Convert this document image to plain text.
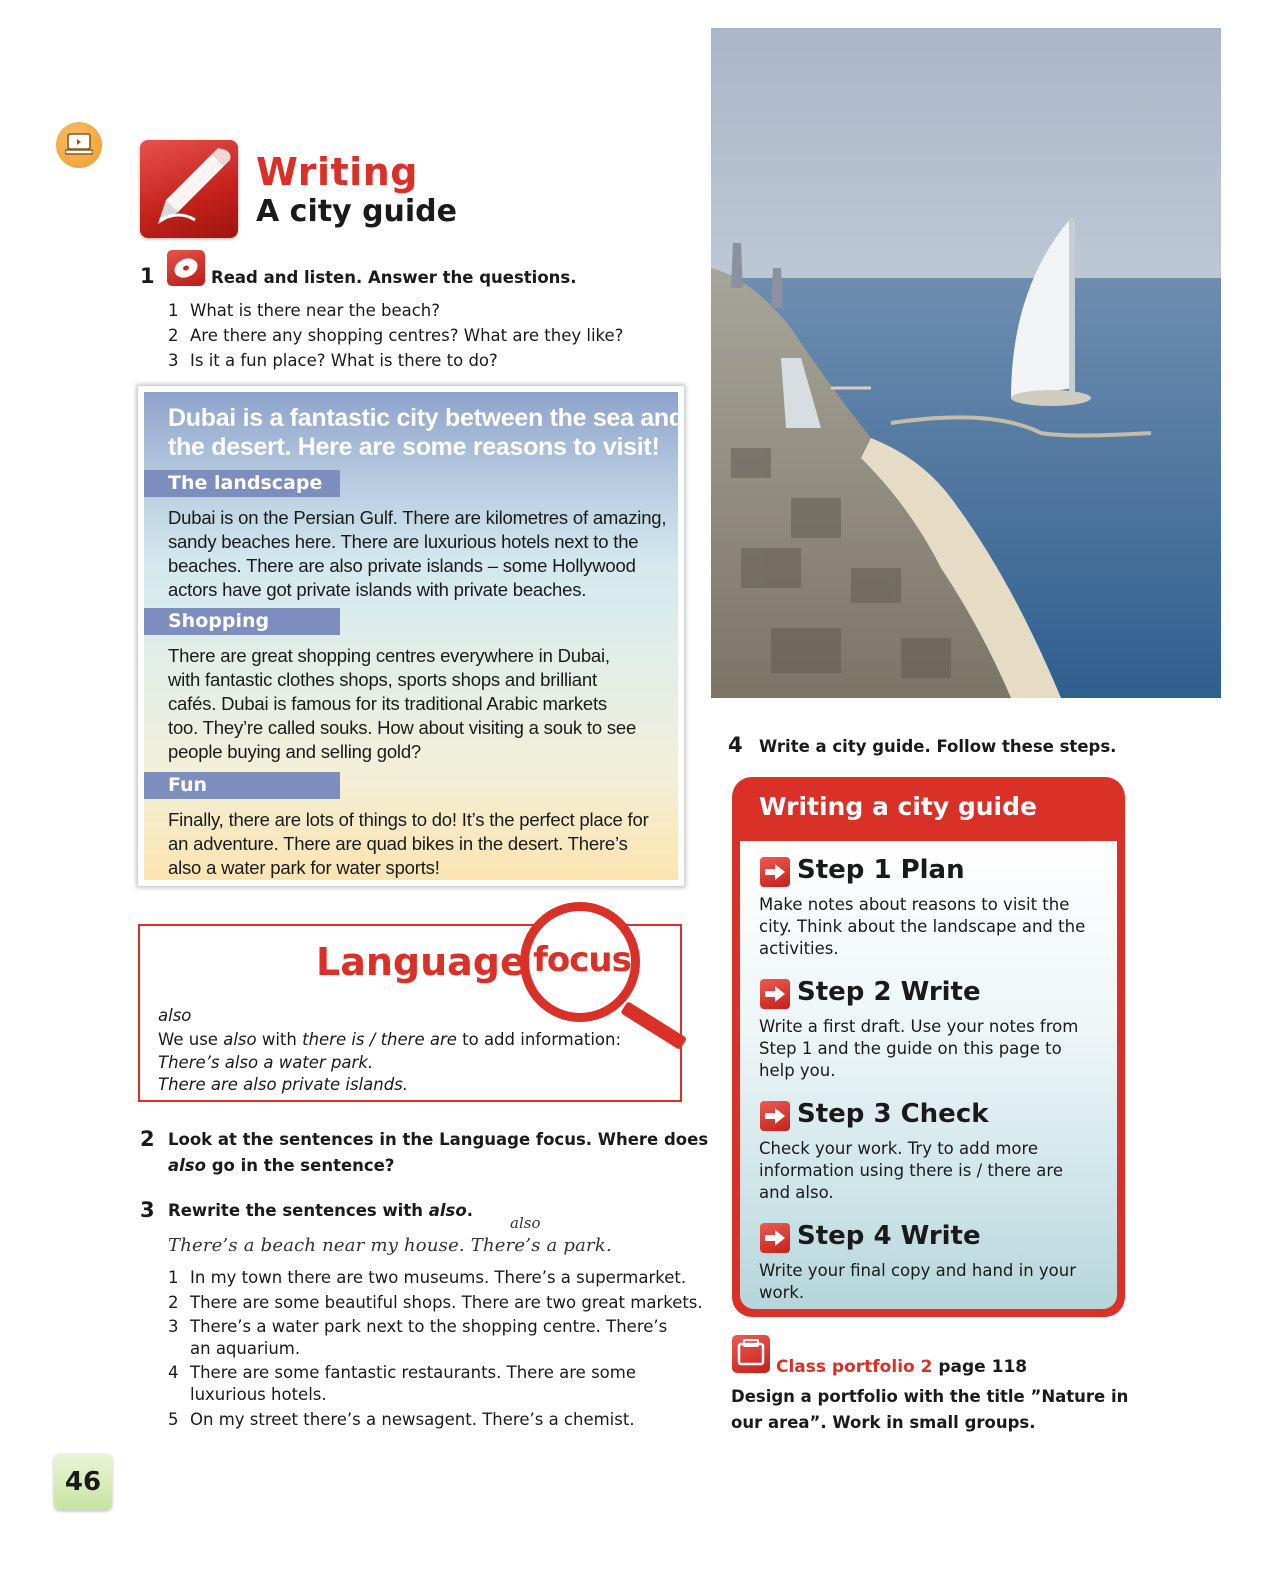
Writing
A city guide
1	Read and listen. Answer the questions.
1 What is there near the beach?
2 Are there any shopping centres? What are they like?
3 Is it a fun place? What is there to do?
Dubai is a fantastic city between the sea and the desert. Here are some reasons to visit!
The landscape
Dubai is on the Persian Gulf. There are kilometres of amazing,
sandy beaches here. There are luxurious hotels next to the
beaches. There are also private islands – some Hollywood
actors have got private islands with private beaches.
Shopping
There are great shopping centres everywhere in Dubai,
with fantastic clothes shops, sports shops and brilliant
cafés. Dubai is famous for its traditional Arabic markets
too. They’re called souks. How about visiting a souk to see
people buying and selling gold?
Fun
Finally, there are lots of things to do! It’s the perfect place for
an adventure. There are quad bikes in the desert. There’s
also a water park for water sports!
Language focus
also
We use also with there is / there are to add information:
There’s also a water park.
There are also private islands.
2 Look at the sentences in the Language focus. Where does
also go in the sentence?
3 Rewrite the sentences with also.
also
There’s a beach near my house. There’s a park.
1 In my town there are two museums. There’s a supermarket.
2 There are some beautiful shops. There are two great markets.
3 There’s a water park next to the shopping centre. There’s
an aquarium.
4 There are some fantastic restaurants. There are some
luxurious hotels.
5 On my street there’s a newsagent. There’s a chemist.
4 Write a city guide. Follow these steps.
Writing a city guide
Step 1 Plan
Make notes about reasons to visit the
city. Think about the landscape and the
activities.
Step 2 Write
Write a first draft. Use your notes from
Step 1 and the guide on this page to
help you.
Step 3 Check
Check your work. Try to add more
information using there is / there are
and also.
Step 4 Write
Write your final copy and hand in your
work.
Class portfolio 2 page 118
Design a portfolio with the title ”Nature in
our area”. Work in small groups.
46
